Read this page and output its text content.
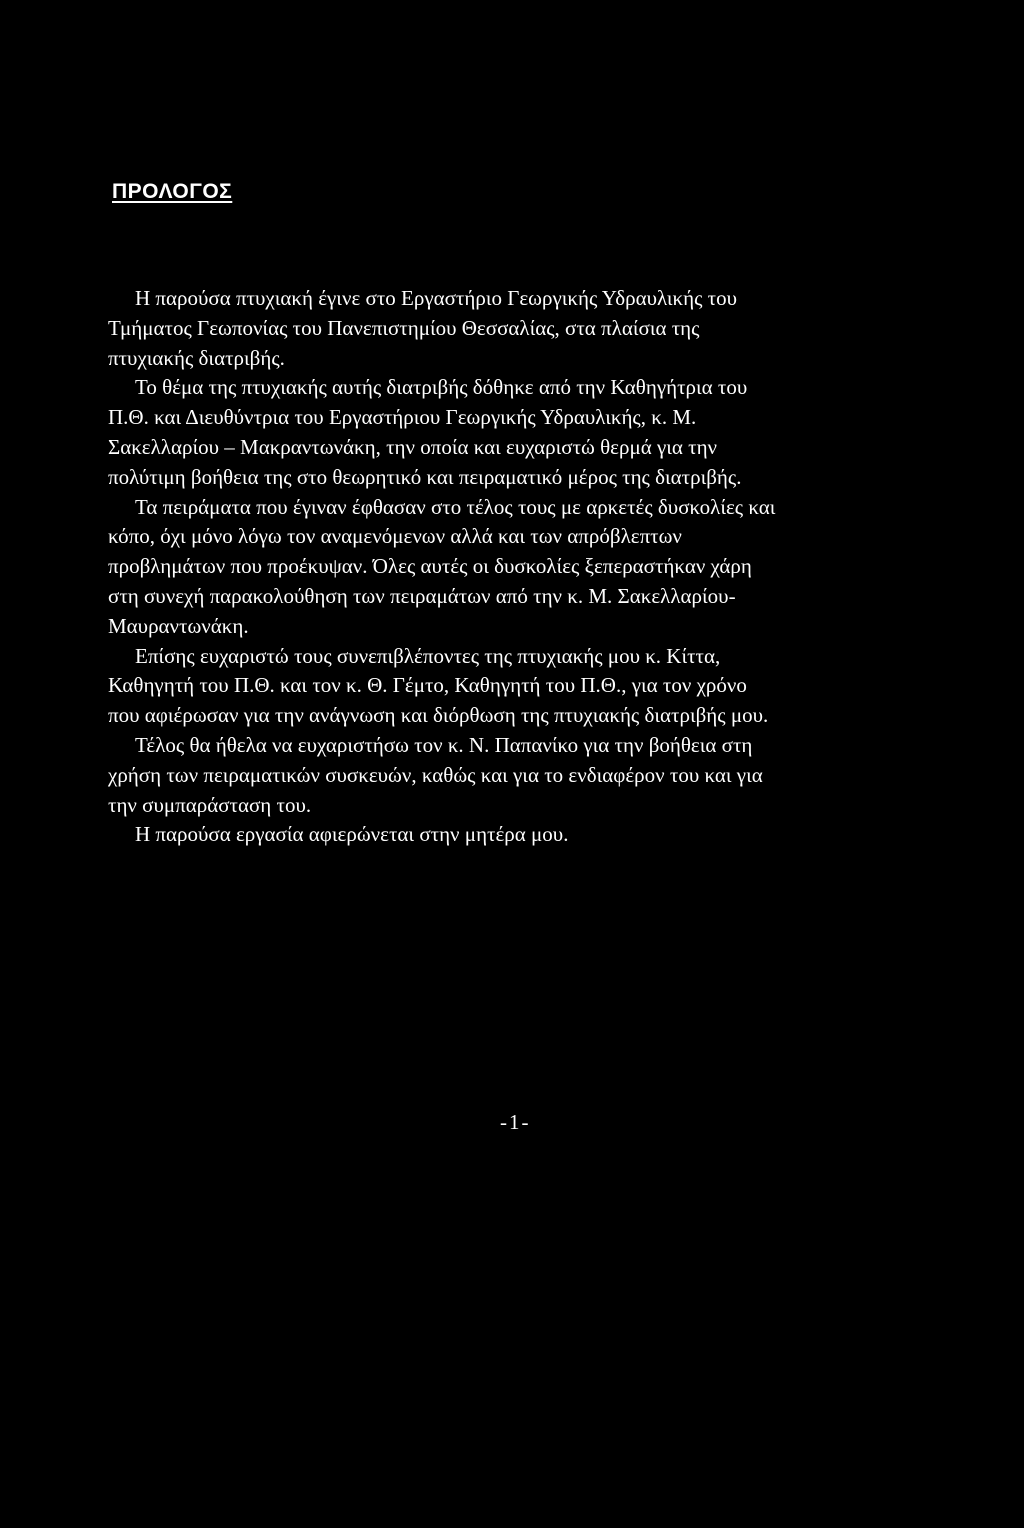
ΠΡΟΛΟΓΟΣ
Η παρούσα πτυχιακή έγινε στο Εργαστήριο Γεωργικής Υδραυλικής του
Τμήματος Γεωπονίας του Πανεπιστημίου Θεσσαλίας, στα πλαίσια της
πτυχιακής διατριβής.
Το θέμα της πτυχιακής αυτής διατριβής δόθηκε από την Καθηγήτρια του
Π.Θ. και Διευθύντρια του Εργαστήριου Γεωργικής Υδραυλικής, κ. Μ.
Σακελλαρίου – Μακραντωνάκη, την οποία και ευχαριστώ θερμά για την
πολύτιμη βοήθεια της στο θεωρητικό και πειραματικό μέρος της διατριβής.
Τα πειράματα που έγιναν έφθασαν στο τέλος τους με αρκετές δυσκολίες και
κόπο, όχι μόνο λόγω τον αναμενόμενων αλλά και των απρόβλεπτων
προβλημάτων που προέκυψαν. Όλες αυτές οι δυσκολίες ξεπεραστήκαν χάρη
στη συνεχή παρακολούθηση των πειραμάτων από την κ. Μ. Σακελλαρίου-
Μαυραντωνάκη.
Επίσης ευχαριστώ τους συνεπιβλέποντες της πτυχιακής μου κ. Κίττα,
Καθηγητή του Π.Θ. και τον κ. Θ. Γέμτο, Καθηγητή του Π.Θ., για τον χρόνο
που αφιέρωσαν για την ανάγνωση και διόρθωση της πτυχιακής διατριβής μου.
Τέλος θα ήθελα να ευχαριστήσω τον κ. Ν. Παπανίκο για την βοήθεια στη
χρήση των πειραματικών συσκευών, καθώς και για το ενδιαφέρον του και για
την συμπαράσταση του.
Η παρούσα εργασία αφιερώνεται στην μητέρα μου.
-1-
